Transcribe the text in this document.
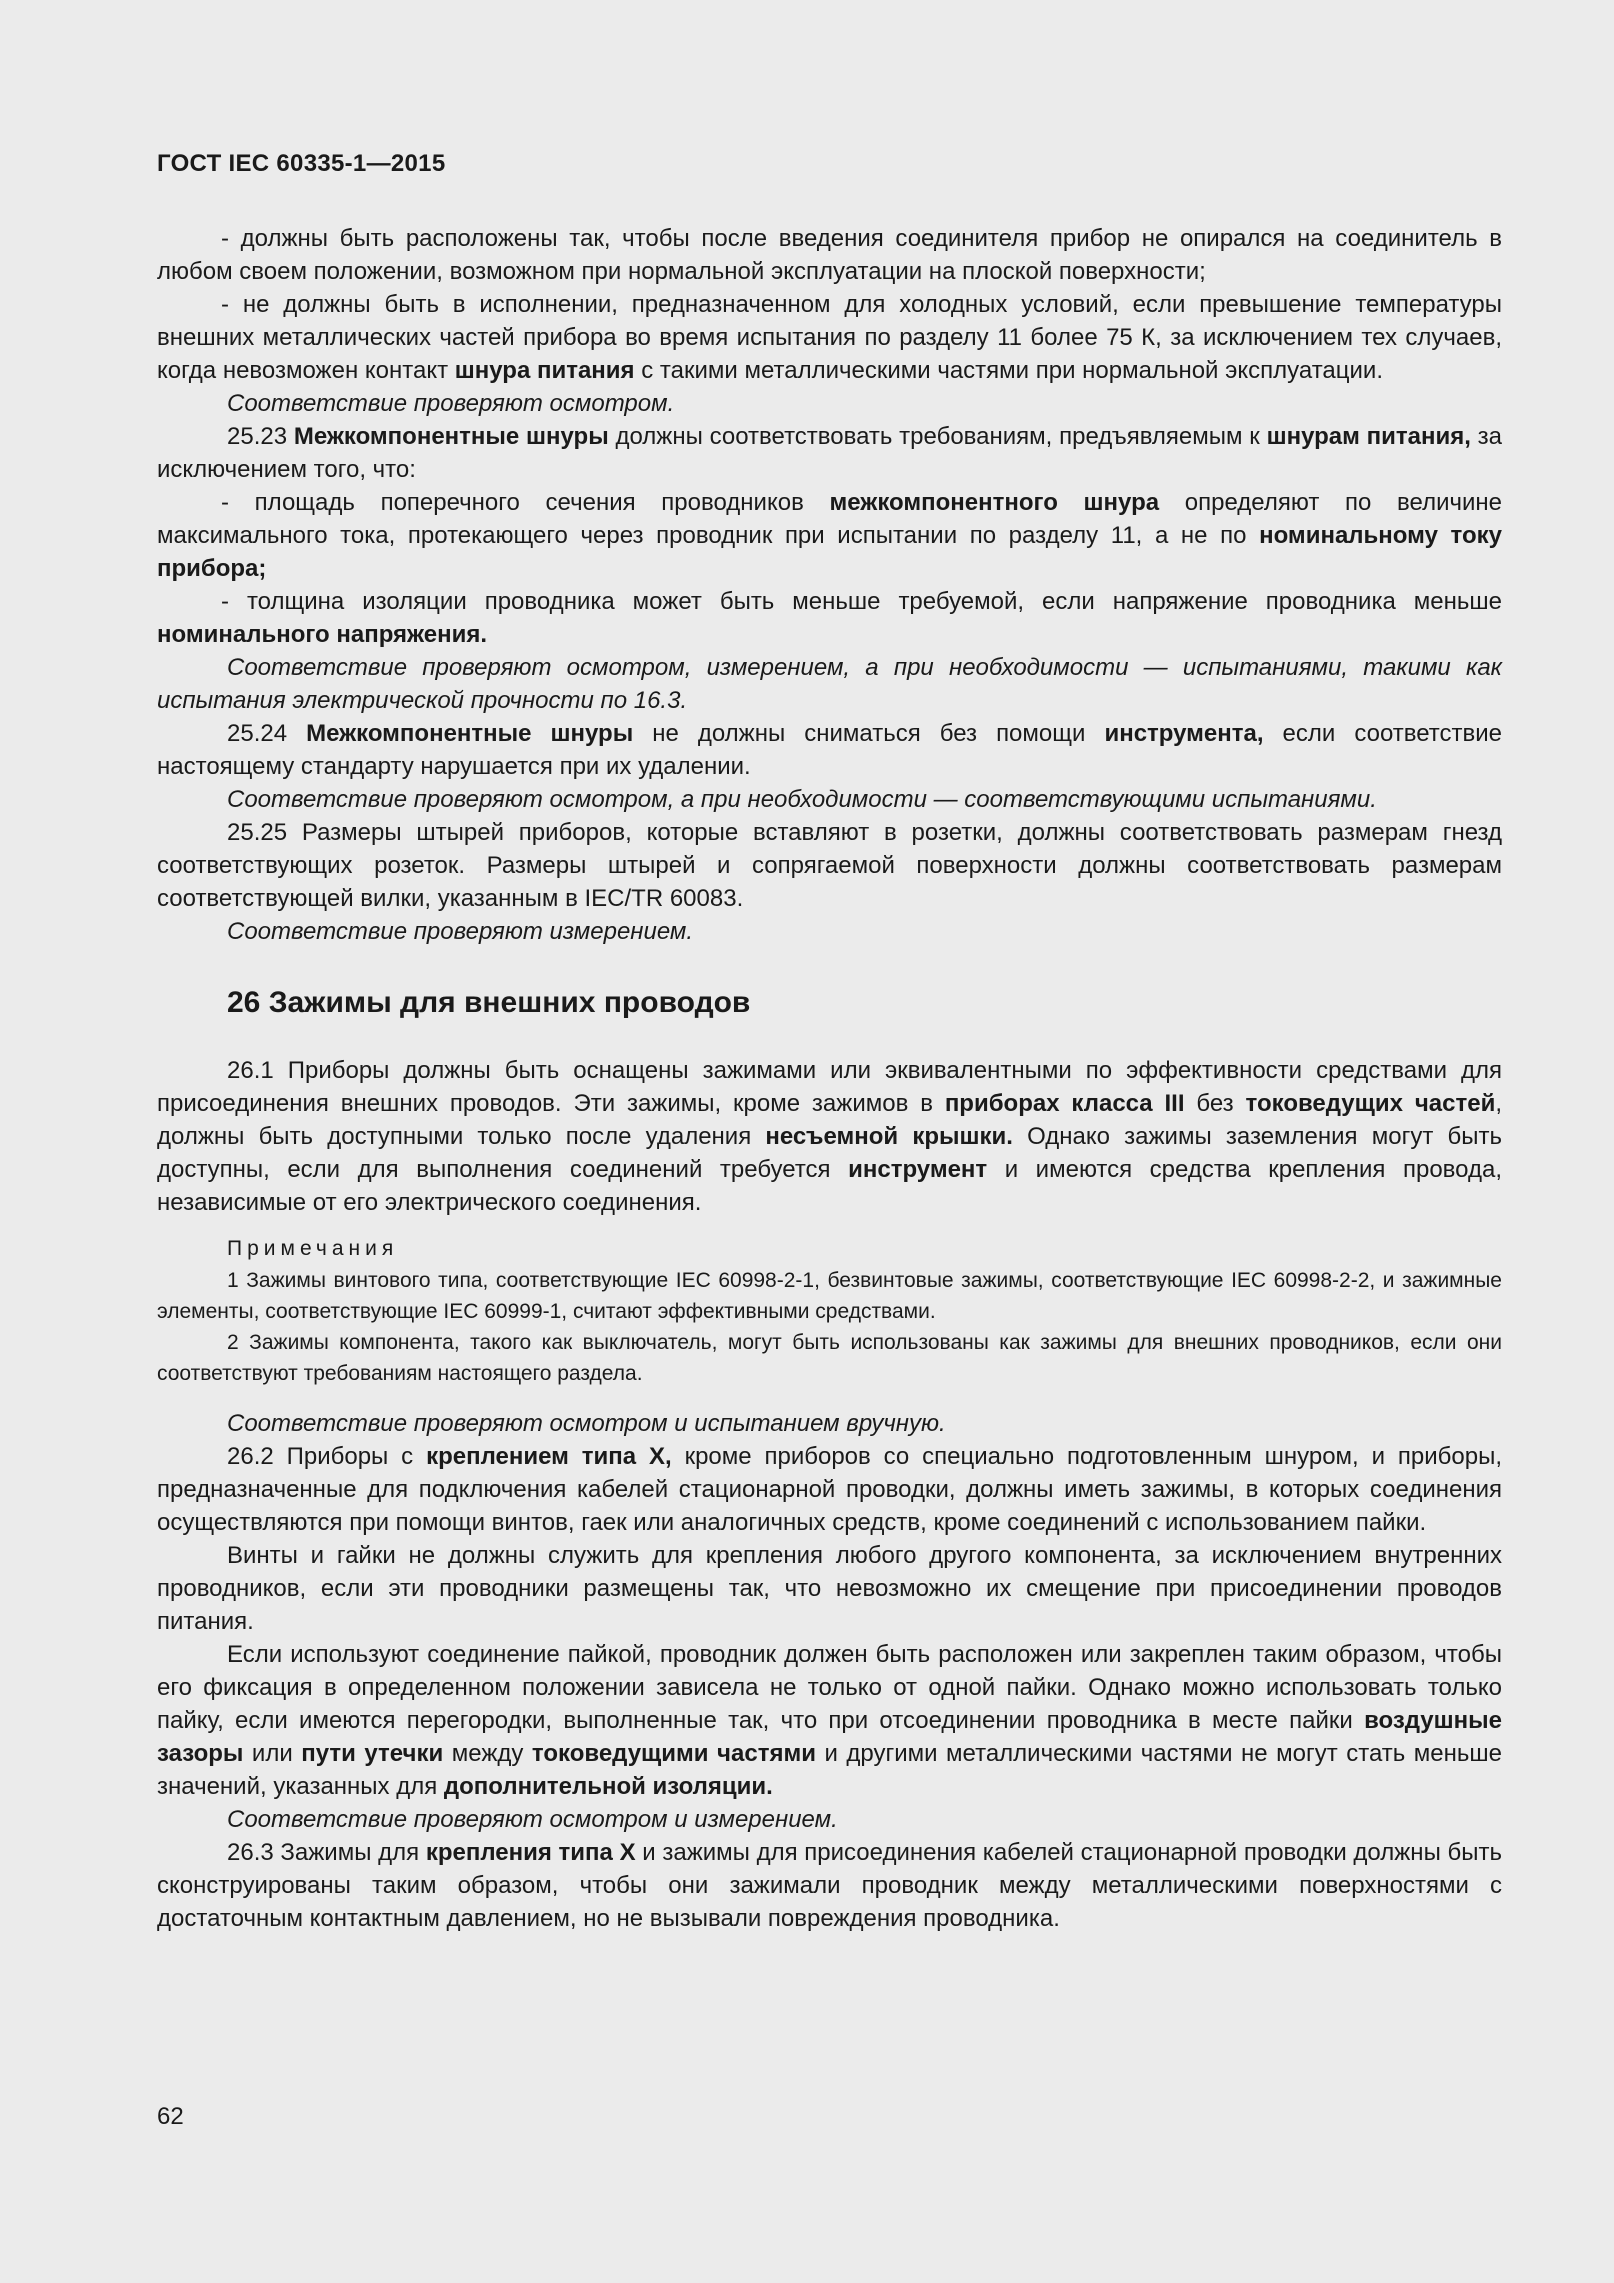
ГОСТ IEC 60335-1—2015

- должны быть расположены так, чтобы после введения соединителя прибор не опирался на соединитель в любом своем положении, возможном при нормальной эксплуатации на плоской поверхности;

- не должны быть в исполнении, предназначенном для холодных условий, если превышение температуры внешних металлических частей прибора во время испытания по разделу 11 более 75 К, за исключением тех случаев, когда невозможен контакт шнура питания с такими металлическими частями при нормальной эксплуатации.

Соответствие проверяют осмотром.

25.23 Межкомпонентные шнуры должны соответствовать требованиям, предъявляемым к шнурам питания, за исключением того, что:

- площадь поперечного сечения проводников межкомпонентного шнура определяют по величине максимального тока, протекающего через проводник при испытании по разделу 11, а не по номинальному току прибора;

- толщина изоляции проводника может быть меньше требуемой, если напряжение проводника меньше номинального напряжения.

Соответствие проверяют осмотром, измерением, а при необходимости — испытаниями, такими как испытания электрической прочности по 16.3.

25.24 Межкомпонентные шнуры не должны сниматься без помощи инструмента, если соответствие настоящему стандарту нарушается при их удалении.

Соответствие проверяют осмотром, а при необходимости — соответствующими испытаниями.

25.25 Размеры штырей приборов, которые вставляют в розетки, должны соответствовать размерам гнезд соответствующих розеток. Размеры штырей и сопрягаемой поверхности должны соответствовать размерам соответствующей вилки, указанным в IEC/TR 60083.

Соответствие проверяют измерением.

26 Зажимы для внешних проводов

26.1 Приборы должны быть оснащены зажимами или эквивалентными по эффективности средствами для присоединения внешних проводов. Эти зажимы, кроме зажимов в приборах класса III без токоведущих частей, должны быть доступными только после удаления несъемной крышки. Однако зажимы заземления могут быть доступны, если для выполнения соединений требуется инструмент и имеются средства крепления провода, независимые от его электрического соединения.

Примечания

1 Зажимы винтового типа, соответствующие IEC 60998-2-1, безвинтовые зажимы, соответствующие IEC 60998-2-2, и зажимные элементы, соответствующие IEC 60999-1, считают эффективными средствами.

2 Зажимы компонента, такого как выключатель, могут быть использованы как зажимы для внешних проводников, если они соответствуют требованиям настоящего раздела.

Соответствие проверяют осмотром и испытанием вручную.

26.2 Приборы с креплением типа X, кроме приборов со специально подготовленным шнуром, и приборы, предназначенные для подключения кабелей стационарной проводки, должны иметь зажимы, в которых соединения осуществляются при помощи винтов, гаек или аналогичных средств, кроме соединений с использованием пайки.

Винты и гайки не должны служить для крепления любого другого компонента, за исключением внутренних проводников, если эти проводники размещены так, что невозможно их смещение при присоединении проводов питания.

Если используют соединение пайкой, проводник должен быть расположен или закреплен таким образом, чтобы его фиксация в определенном положении зависела не только от одной пайки. Однако можно использовать только пайку, если имеются перегородки, выполненные так, что при отсоединении проводника в месте пайки воздушные зазоры или пути утечки между токоведущими частями и другими металлическими частями не могут стать меньше значений, указанных для дополнительной изоляции.

Соответствие проверяют осмотром и измерением.

26.3 Зажимы для крепления типа X и зажимы для присоединения кабелей стационарной проводки должны быть сконструированы таким образом, чтобы они зажимали проводник между металлическими поверхностями с достаточным контактным давлением, но не вызывали повреждения проводника.

62
